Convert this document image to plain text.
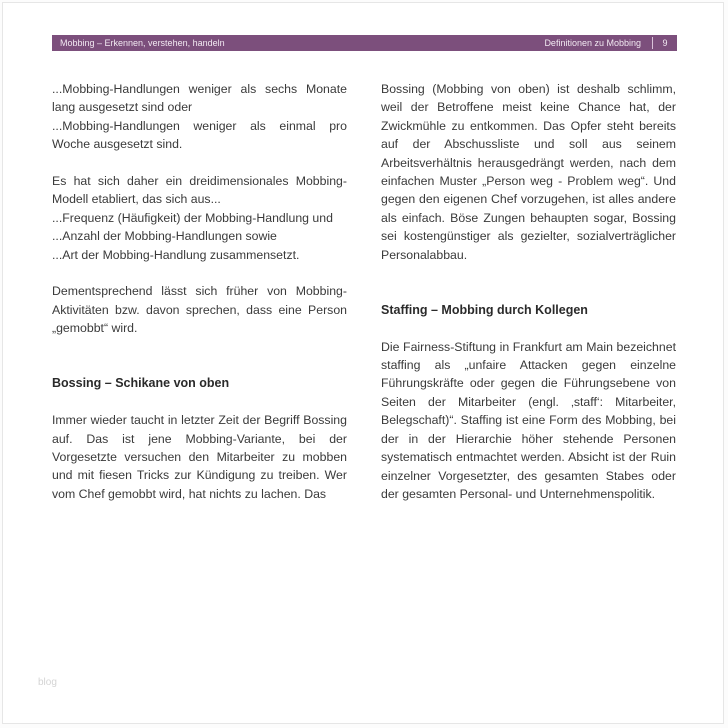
Mobbing – Erkennen, verstehen, handeln	Definitionen zu Mobbing	9

...Mobbing-Handlungen weniger als sechs Monate lang ausgesetzt sind oder

...Mobbing-Handlungen weniger als einmal pro Woche ausgesetzt sind.

Es hat sich daher ein dreidimensionales Mobbing-Modell etabliert, das sich aus...

...Frequenz (Häufigkeit) der Mobbing-Handlung und

...Anzahl der Mobbing-Handlungen sowie

...Art der Mobbing-Handlung zusammensetzt.

Dementsprechend lässt sich früher von Mobbing-Aktivitäten bzw. davon sprechen, dass eine Person „gemobbt“ wird.

Bossing – Schikane von oben

Immer wieder taucht in letzter Zeit der Begriff Bossing auf. Das ist jene Mobbing-Variante, bei der Vorgesetzte versuchen den Mitarbeiter zu mobben und mit fiesen Tricks zur Kündigung zu treiben. Wer vom Chef gemobbt wird, hat nichts zu lachen. Das

Bossing (Mobbing von oben) ist deshalb schlimm, weil der Betroffene meist keine Chance hat, der Zwickmühle zu entkommen. Das Opfer steht bereits auf der Abschussliste und soll aus seinem Arbeitsverhältnis herausgedrängt werden, nach dem einfachen Muster „Person weg - Problem weg“. Und gegen den eigenen Chef vorzugehen, ist alles andere als einfach. Böse Zungen behaupten sogar, Bossing sei kostengünstiger als gezielter, sozialverträglicher Personalabbau.

Staffing – Mobbing durch Kollegen

Die Fairness-Stiftung in Frankfurt am Main bezeichnet staffing als „unfaire Attacken gegen einzelne Führungskräfte oder gegen die Führungsebene von Seiten der Mitarbeiter (engl. ‚staff‘: Mitarbeiter, Belegschaft)“. Staffing ist eine Form des Mobbing, bei der in der Hierarchie höher stehende Personen systematisch entmachtet werden. Absicht ist der Ruin einzelner Vorgesetzter, des gesamten Stabes oder der gesamten Personal- und Unternehmenspolitik.

blog
